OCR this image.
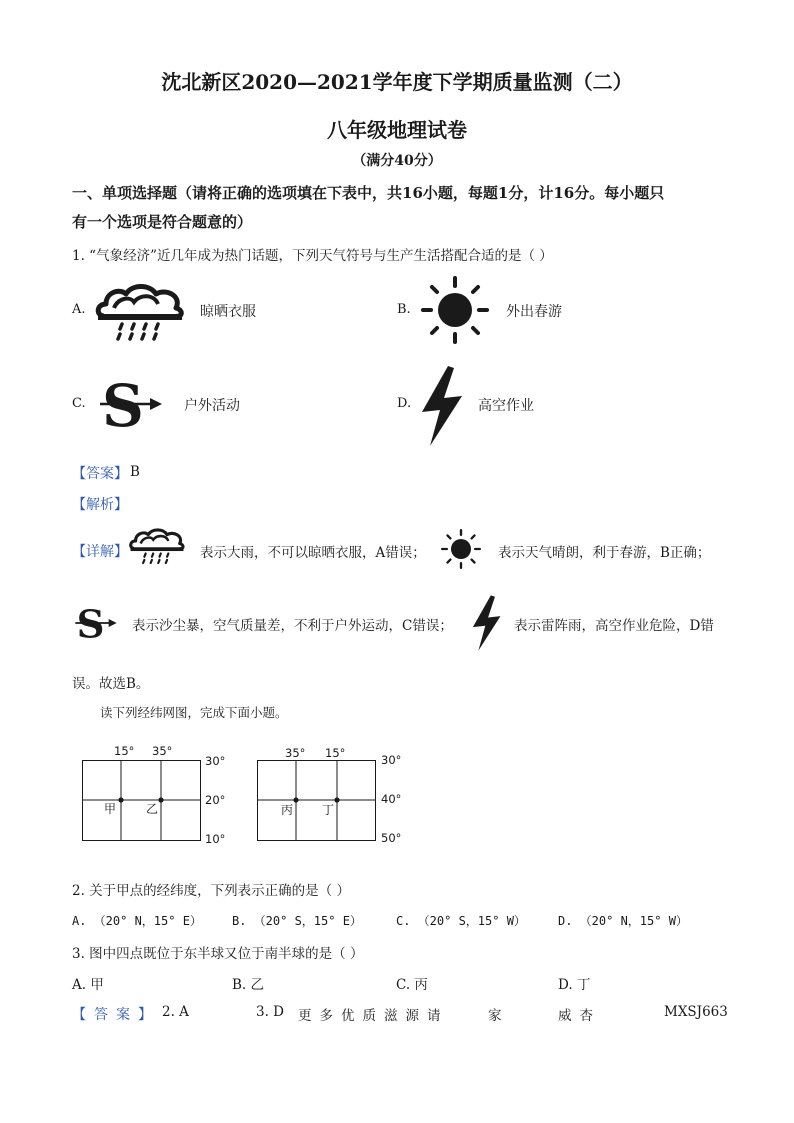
沈北新区2020—2021学年度下学期质量监测（二）
八年级地理试卷
（满分40分）
一、单项选择题（请将正确的选项填在下表中，共16小题，每题1分，计16分。每小题只
有一个选项是符合题意的）
1. “气象经济”近几年成为热门话题，下列天气符号与生产生活搭配合适的是（ ）
A.	晾晒衣服	B.	外出春游
C. S	户外活动	D.	高空作业
【答案】 B
【解析】
【详解】	表示大雨，不可以晾晒衣服，A错误；	表示天气晴朗，利于春游，B正确；
S 表示沙尘暴，空气质量差，不利于户外运动，C错误；	表示雷阵雨，高空作业危险，D错
误。故选B。
读下列经纬网图，完成下面小题。
15° 35°
30°
20°
10°
甲 乙
35° 15°	30°
40°
50°
丙 丁
2. 关于甲点的经纬度，下列表示正确的是（ ）
A. （20° N，15° E）	B. （20° S，15° E）	C. （20° S，15° W）	D. （20° N，15° W）
3. 图中四点既位于东半球又位于南半球的是（ ）
A. 甲	B. 乙	C. 丙	D. 丁
【答案】 2. A	3. D 更多优质滋源请	家	威杏	MXSJ663
